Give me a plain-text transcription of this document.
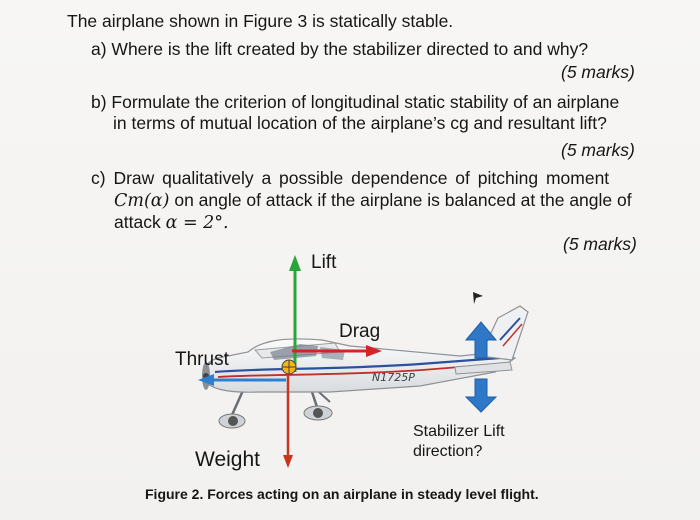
The airplane shown in Figure 3 is statically stable.
a) Where is the lift created by the stabilizer directed to and why?
(5 marks)
b) Formulate the criterion of longitudinal static stability of an airplane
in terms of mutual location of the airplane’s cg and resultant lift?
(5 marks)
c) Draw qualitatively a possible dependence of pitching moment
Cm(α) on angle of attack if the airplane is balanced at the angle of
attack α = 2°.
(5 marks)
N1725P
Lift
Drag
Thrust
Weight
Stabilizer Lift
direction?
Figure 2. Forces acting on an airplane in steady level flight.
